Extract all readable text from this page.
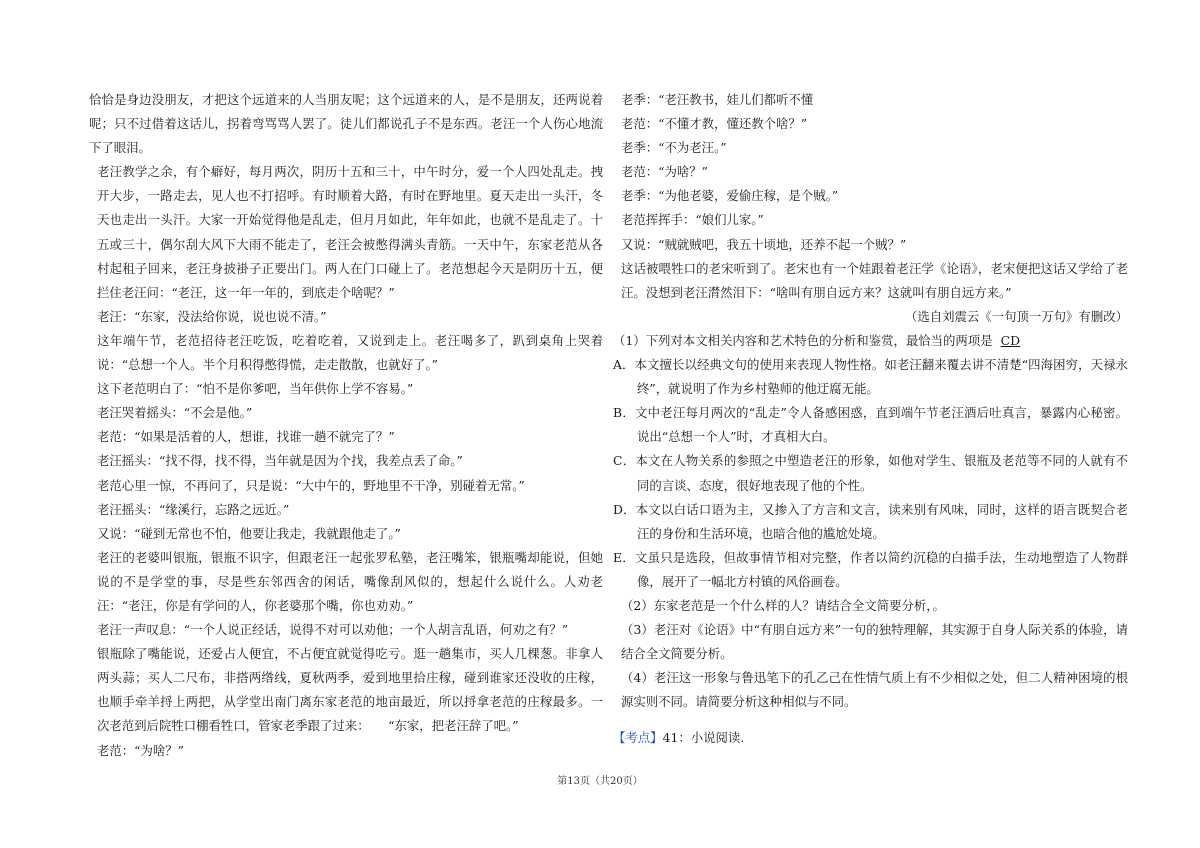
恰恰是身边没朋友，才把这个远道来的人当朋友呢；这个远道来的人，是不是朋友，还两说着呢；只不过借着这话儿，拐着弯骂骂人罢了。徒儿们都说孔子不是东西。老汪一个人伤心地流下了眼泪。

老汪教学之余，有个癖好，每月两次，阴历十五和三十，中午时分，爱一个人四处乱走。拽开大步，一路走去，见人也不打招呼。有时顺着大路，有时在野地里。夏天走出一头汗，冬天也走出一头汗。大家一开始觉得他是乱走，但月月如此，年年如此，也就不是乱走了。十五或三十，偶尔刮大风下大雨不能走了，老汪会被憋得满头青筋。一天中午，东家老范从各村起租子回来，老汪身披褂子正要出门。两人在门口碰上了。老范想起今天是阴历十五，便拦住老汪问：“老汪，这一年一年的，到底走个啥呢？”

老汪：“东家，没法给你说，说也说不清。”

这年端午节，老范招待老汪吃饭，吃着吃着，又说到走上。老汪喝多了，趴到桌角上哭着说：“总想一个人。半个月积得憋得慌，走走散散，也就好了。”

这下老范明白了：“怕不是你爹吧，当年供你上学不容易。”

老汪哭着摇头：“不会是他。”

老范：“如果是活着的人，想谁，找谁一趟不就完了？”

老汪摇头：“找不得，找不得，当年就是因为个找，我差点丢了命。”

老范心里一惊，不再问了，只是说：“大中午的，野地里不干净，别碰着无常。”

老汪摇头：“缘溪行，忘路之远近。”

又说：“碰到无常也不怕，他要让我走，我就跟他走了。”

老汪的老婆叫银瓶，银瓶不识字，但跟老汪一起张罗私塾，老汪嘴笨，银瓶嘴却能说，但她说的不是学堂的事，尽是些东邻西舍的闲话，嘴像刮风似的，想起什么说什么。人劝老汪：“老汪，你是有学问的人，你老婆那个嘴，你也劝劝。”

老汪一声叹息：“一个人说正经话，说得不对可以劝他；一个人胡言乱语，何劝之有？”

银瓶除了嘴能说，还爱占人便宜，不占便宜就觉得吃亏。逛一趟集市，买人几棵葱。非拿人两头蒜；买人二尺布，非搭两绺线，夏秋两季，爱到地里拾庄稼，碰到谁家还没收的庄稼，也顺手牵羊捋上两把，从学堂出南门离东家老范的地亩最近，所以捋拿老范的庄稼最多。一次老范到后院牲口棚看牲口，管家老季跟了过来：　　“东家，把老汪辞了吧。”

老范：“为啥？”

老季：“老汪教书，娃儿们都听不懂

老范：“不懂才教，懂还教个啥？”

老季：“不为老汪。”

老范：“为啥？”

老季：“为他老婆，爱偷庄稼，是个贼。”

老范挥挥手：“娘们儿家。”

又说：“贼就贼吧，我五十顷地，还养不起一个贼？”

这话被喂牲口的老宋听到了。老宋也有一个娃跟着老汪学《论语》，老宋便把这话又学给了老汪。没想到老汪潸然泪下：“啥叫有朋自远方来？这就叫有朋自远方来。”

（选自刘震云《一句顶一万句》有删改）

（1）下列对本文相关内容和艺术特色的分析和鉴赏，最恰当的两项是 CD

A．本文擅长以经典文句的使用来表现人物性格。如老汪翻来覆去讲不清楚“四海困穷，天禄永终”，就说明了作为乡村塾师的他迂腐无能。

B．文中老汪每月两次的“乱走”令人备感困惑，直到端午节老汪酒后吐真言，暴露内心秘密。说出“总想一个人”时，才真相大白。

C．本文在人物关系的参照之中塑造老汪的形象，如他对学生、银瓶及老范等不同的人就有不同的言谈、态度，很好地表现了他的个性。

D．本文以白话口语为主，又掺入了方言和文言，读来别有风味，同时，这样的语言既契合老汪的身份和生活环境，也暗合他的尴尬处境。

E．文虽只是选段，但故事情节相对完整，作者以简约沉稳的白描手法，生动地塑造了人物群像，展开了一幅北方村镇的风俗画卷。

（2）东家老范是一个什么样的人？请结合全文简要分析，。

（3）老汪对《论语》中“有朋自远方来”一句的独特理解，其实源于自身人际关系的体验，请结合全文简要分析。

（4）老汪这一形象与鲁迅笔下的孔乙己在性情气质上有不少相似之处，但二人精神困境的根源实则不同。请简要分析这种相似与不同。

【考点】41：小说阅读.

第13页（共20页）
